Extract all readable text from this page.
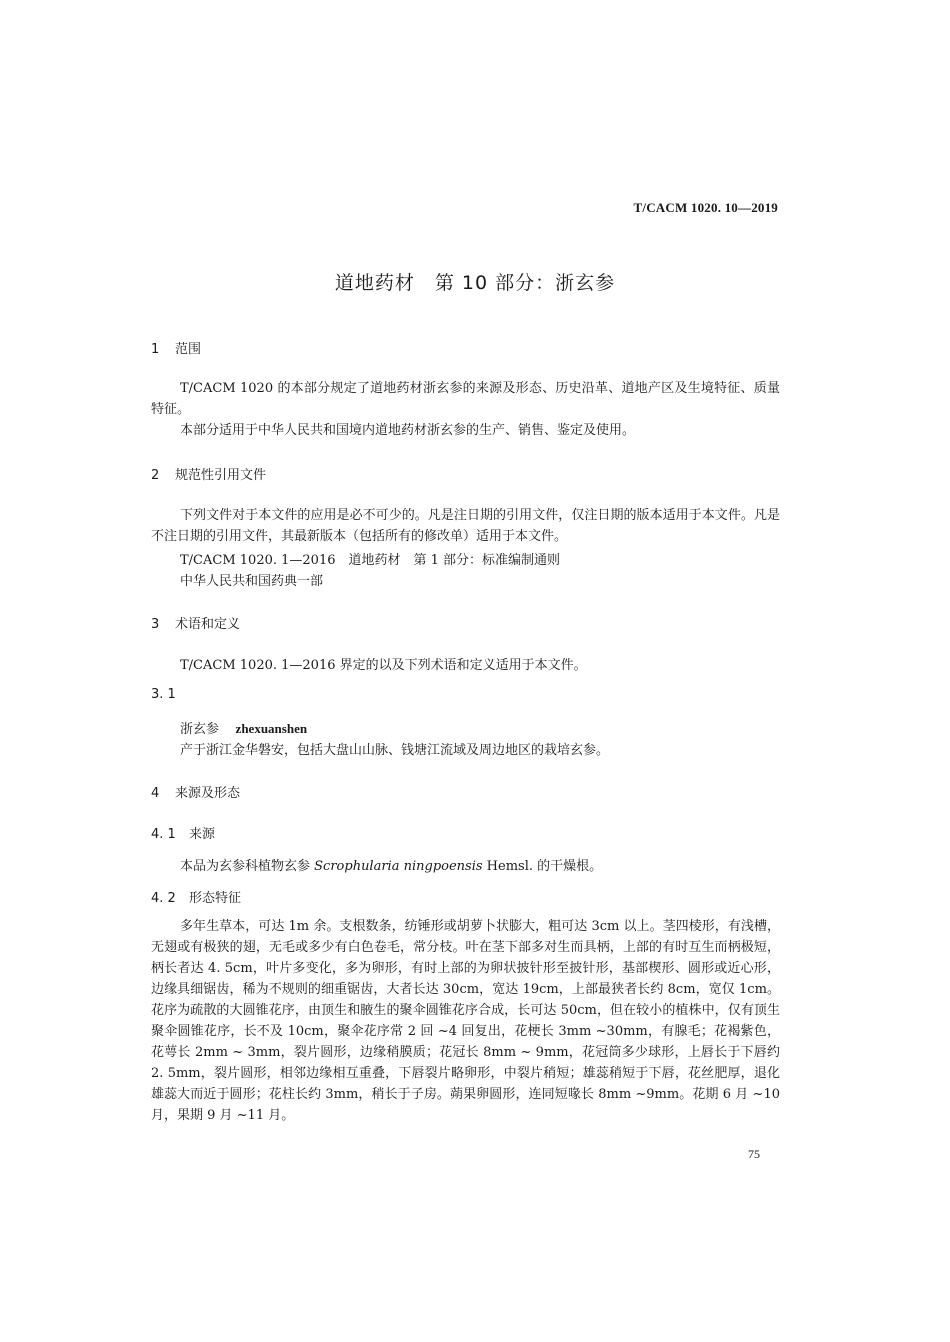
T/CACM 1020. 10—2019
道地药材　第 10 部分：浙玄参
1 范围
T/CACM 1020 的本部分规定了道地药材浙玄参的来源及形态、历史沿革、道地产区及生境特征、质量特征。
本部分适用于中华人民共和国境内道地药材浙玄参的生产、销售、鉴定及使用。
2 规范性引用文件
下列文件对于本文件的应用是必不可少的。凡是注日期的引用文件，仅注日期的版本适用于本文件。凡是不注日期的引用文件，其最新版本（包括所有的修改单）适用于本文件。
T/CACM 1020. 1—2016　道地药材　第 1 部分：标准编制通则
中华人民共和国药典一部
3 术语和定义
T/CACM 1020. 1—2016 界定的以及下列术语和定义适用于本文件。
3. 1
浙玄参 zhexuanshen
产于浙江金华磐安，包括大盘山山脉、钱塘江流域及周边地区的栽培玄参。
4 来源及形态
4. 1 来源
本品为玄参科植物玄参 Scrophularia ningpoensis Hemsl. 的干燥根。
4. 2 形态特征
多年生草本，可达 1m 余。支根数条，纺锤形或胡萝卜状膨大，粗可达 3cm 以上。茎四棱形，有浅槽，无翅或有极狭的翅，无毛或多少有白色卷毛，常分枝。叶在茎下部多对生而具柄，上部的有时互生而柄极短，柄长者达 4. 5cm，叶片多变化，多为卵形，有时上部的为卵状披针形至披针形，基部楔形、圆形或近心形，边缘具细锯齿，稀为不规则的细重锯齿，大者长达 30cm，宽达 19cm，上部最狭者长约 8cm，宽仅 1cm。花序为疏散的大圆锥花序，由顶生和腋生的聚伞圆锥花序合成，长可达 50cm，但在较小的植株中，仅有顶生聚伞圆锥花序，长不及 10cm，聚伞花序常 2 回 ~4 回复出，花梗长 3mm ~30mm，有腺毛；花褐紫色，花萼长 2mm ~ 3mm，裂片圆形，边缘稍膜质；花冠长 8mm ~ 9mm，花冠筒多少球形，上唇长于下唇约 2. 5mm，裂片圆形，相邻边缘相互重叠，下唇裂片略卵形，中裂片稍短；雄蕊稍短于下唇，花丝肥厚，退化雄蕊大而近于圆形；花柱长约 3mm，稍长于子房。蒴果卵圆形，连同短喙长 8mm ~9mm。花期 6 月 ~10 月，果期 9 月 ~11 月。
75
